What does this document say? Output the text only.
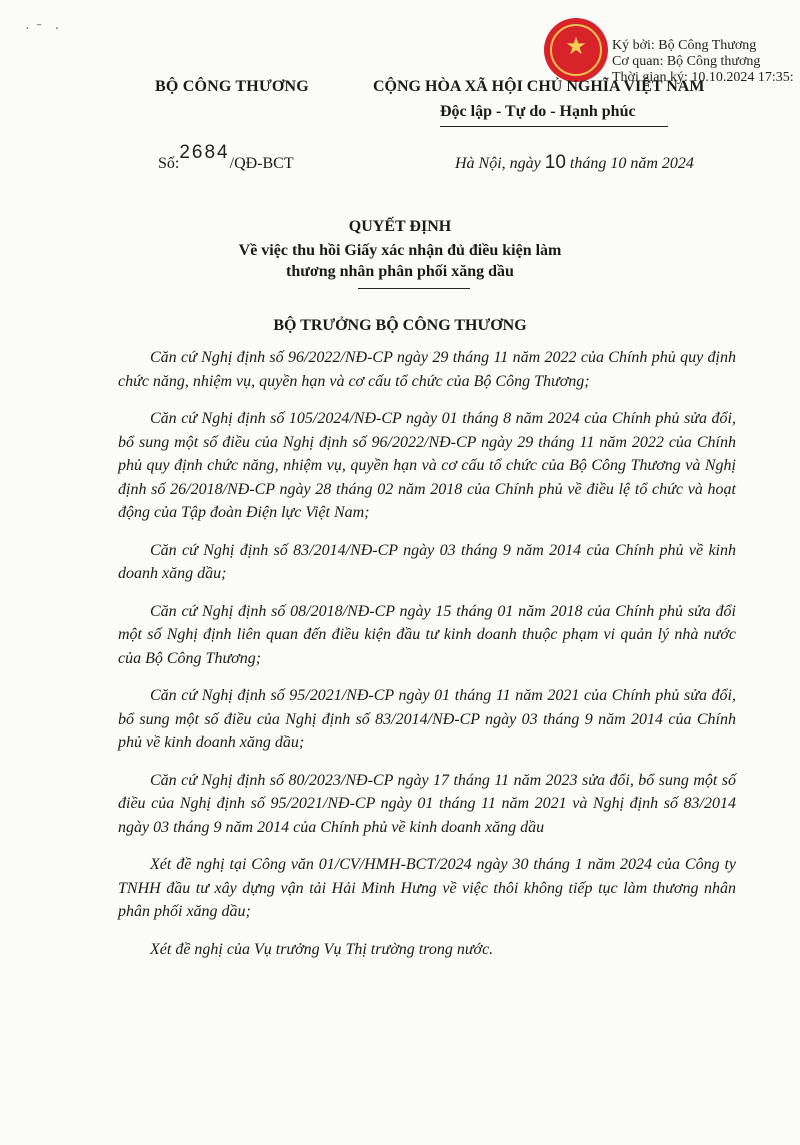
· ̄ ·
★	Ký bởi: Bộ Công Thương
Cơ quan: Bộ Công thương
Thời gian ký: 10.10.2024 17:35:
BỘ CÔNG THƯƠNG	CỘNG HÒA XÃ HỘI CHỦ NGHĨA VIỆT NAM
Độc lập - Tự do - Hạnh phúc
Số:2684/QĐ-BCT	Hà Nội, ngày 10 tháng 10 năm 2024
QUYẾT ĐỊNH
Về việc thu hồi Giấy xác nhận đủ điều kiện làm
thương nhân phân phối xăng dầu
BỘ TRƯỞNG BỘ CÔNG THƯƠNG

Căn cứ Nghị định số 96/2022/NĐ-CP ngày 29 tháng 11 năm 2022 của Chính phủ quy định chức năng, nhiệm vụ, quyền hạn và cơ cấu tổ chức của Bộ Công Thương;

Căn cứ Nghị định số 105/2024/NĐ-CP ngày 01 tháng 8 năm 2024 của Chính phủ sửa đổi, bổ sung một số điều của Nghị định số 96/2022/NĐ-CP ngày 29 tháng 11 năm 2022 của Chính phủ quy định chức năng, nhiệm vụ, quyền hạn và cơ cấu tổ chức của Bộ Công Thương và Nghị định số 26/2018/NĐ-CP ngày 28 tháng 02 năm 2018 của Chính phủ về điều lệ tổ chức và hoạt động của Tập đoàn Điện lực Việt Nam;

Căn cứ Nghị định số 83/2014/NĐ-CP ngày 03 tháng 9 năm 2014 của Chính phủ về kinh doanh xăng dầu;

Căn cứ Nghị định số 08/2018/NĐ-CP ngày 15 tháng 01 năm 2018 của Chính phủ sửa đổi một số Nghị định liên quan đến điều kiện đầu tư kinh doanh thuộc phạm vi quản lý nhà nước của Bộ Công Thương;

Căn cứ Nghị định số 95/2021/NĐ-CP ngày 01 tháng 11 năm 2021 của Chính phủ sửa đổi, bổ sung một số điều của Nghị định số 83/2014/NĐ-CP ngày 03 tháng 9 năm 2014 của Chính phủ về kinh doanh xăng dầu;

Căn cứ Nghị định số 80/2023/NĐ-CP ngày 17 tháng 11 năm 2023 sửa đổi, bổ sung một số điều của Nghị định số 95/2021/NĐ-CP ngày 01 tháng 11 năm 2021 và Nghị định số 83/2014 ngày 03 tháng 9 năm 2014 của Chính phủ về kinh doanh xăng dầu

Xét đề nghị tại Công văn 01/CV/HMH-BCT/2024 ngày 30 tháng 1 năm 2024 của Công ty TNHH đầu tư xây dựng vận tải Hải Minh Hưng về việc thôi không tiếp tục làm thương nhân phân phối xăng dầu;

Xét đề nghị của Vụ trưởng Vụ Thị trường trong nước.
